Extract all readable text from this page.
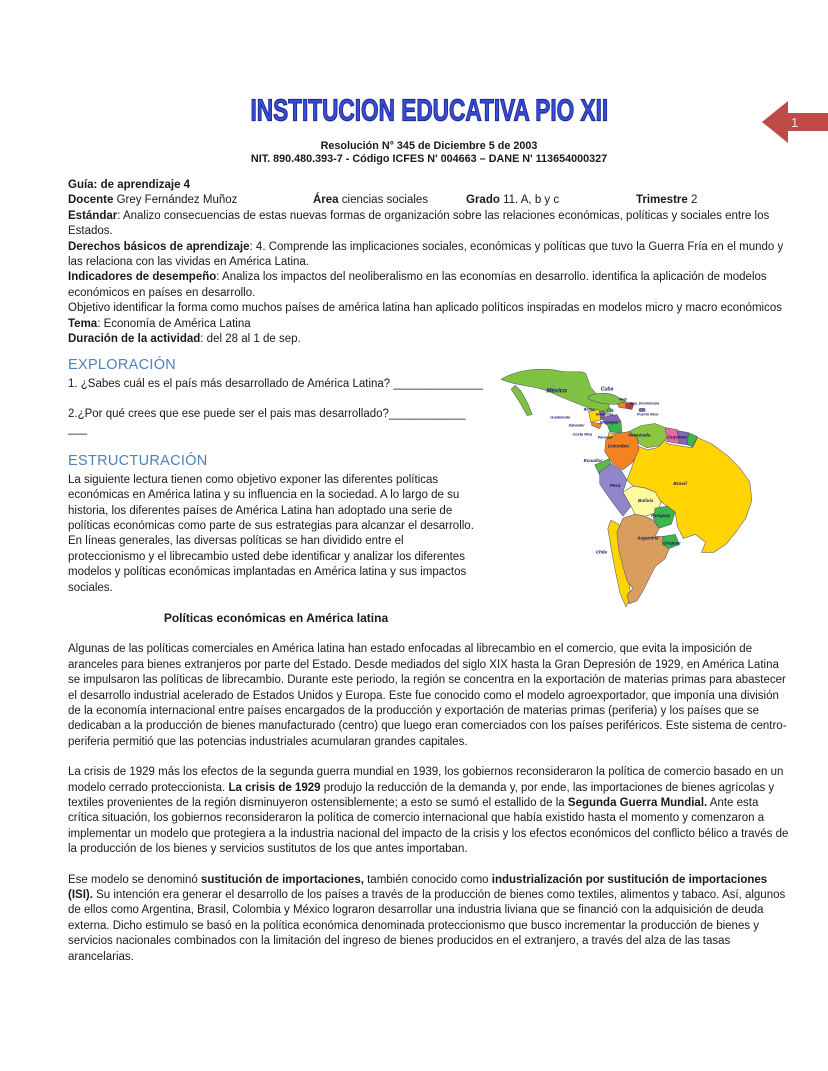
1
INSTITUCION EDUCATIVA PIO XII
Resolución N° 345 de Diciembre 5 de 2003
NIT. 890.480.393-7 - Código ICFES N' 004663 – DANE N' 113654000327
Guía: de aprendizaje 4
Docente Grey Fernández Muñoz	Área ciencias sociales	Grado 11. A, b y c	Trimestre 2

Estándar: Analizo consecuencias de estas nuevas formas de organización sobre las relaciones económicas, políticas y sociales entre los Estados.

Derechos básicos de aprendizaje: 4. Comprende las implicaciones sociales, económicas y políticas que tuvo la Guerra Fría en el mundo y las relaciona con las vividas en América Latina.

Indicadores de desempeño: Analiza los impactos del neoliberalismo en las economías en desarrollo. identifica la aplicación de modelos económicos en países en desarrollo.

Objetivo identificar la forma como muchos países de américa latina han aplicado políticos inspiradas en modelos micro y macro económicos

Tema: Economía de América Latina

Duración de la actividad: del 28 al 1 de sep.

México	Cuba
Haití
Rep. Dominicana
Puerto Rico
Belice
Guatemala
Salvador
Honduras
Nicaragua
Costa Rica
Panamá
Venezuela	Guyanas
Colombia
Ecuador
Perú	Brasil
Bolivia
Paraguay
Argentina
Uruguay
Chile
EXPLORACIÓN

1. ¿Sabes cuál es el país más desarrollado de América Latina? ______________

2.¿Por qué crees que ese puede ser el pais mas desarrollado?____________ ___

ESTRUCTURACIÓN

La siguiente lectura tienen como objetivo exponer las diferentes políticas económicas en América latina y su influencia en la sociedad. A lo largo de su historia, los diferentes países de América Latina han adoptado una serie de políticas económicas como parte de sus estrategias para alcanzar el desarrollo. En líneas generales, las diversas políticas se han dividido entre el proteccionismo y el librecambio usted debe identificar y analizar los diferentes modelos y políticas económicas implantadas en América latina y sus impactos sociales.

Políticas económicas en América latina

Algunas de las políticas comerciales en América latina han estado enfocadas al librecambio en el comercio, que evita la imposición de aranceles para bienes extranjeros por parte del Estado. Desde mediados del siglo XIX hasta la Gran Depresión de 1929, en América Latina se impulsaron las políticas de librecambio. Durante este periodo, la región se concentra en la exportación de materias primas para abastecer el desarrollo industrial acelerado de Estados Unidos y Europa. Este fue conocido como el modelo agroexportador, que imponía una división de la economía internacional entre países encargados de la producción y exportación de materias primas (periferia) y los países que se dedicaban a la producción de bienes manufacturado (centro) que luego eran comerciados con los países periféricos. Este sistema de centro-periferia permitió que las potencias industriales acumularan grandes capitales.

La crisis de 1929 más los efectos de la segunda guerra mundial en 1939, los gobiernos reconsideraron la política de comercio basado en un modelo cerrado proteccionista. La crisis de 1929 produjo la reducción de la demanda y, por ende, las importaciones de bienes agrícolas y textiles provenientes de la región disminuyeron ostensiblemente; a esto se sumó el estallido de la Segunda Guerra Mundial. Ante esta crítica situación, los gobiernos reconsideraron la política de comercio internacional que había existido hasta el momento y comenzaron a implementar un modelo que protegiera a la industria nacional del impacto de la crisis y los efectos económicos del conflicto bélico a través de la producción de los bienes y servicios sustitutos de los que antes importaban.

Ese modelo se denominó sustitución de importaciones, también conocido como industrialización por sustitución de importaciones (ISI). Su intención era generar el desarrollo de los países a través de la producción de bienes como textiles, alimentos y tabaco. Así, algunos de ellos como Argentina, Brasil, Colombia y México lograron desarrollar una industria liviana que se financió con la adquisición de deuda externa. Dicho estimulo se basó en la política económica denominada proteccionismo que busco incrementar la producción de bienes y servicios nacionales combinados con la limitación del ingreso de bienes producidos en el extranjero, a través del alza de las tasas arancelarias.
